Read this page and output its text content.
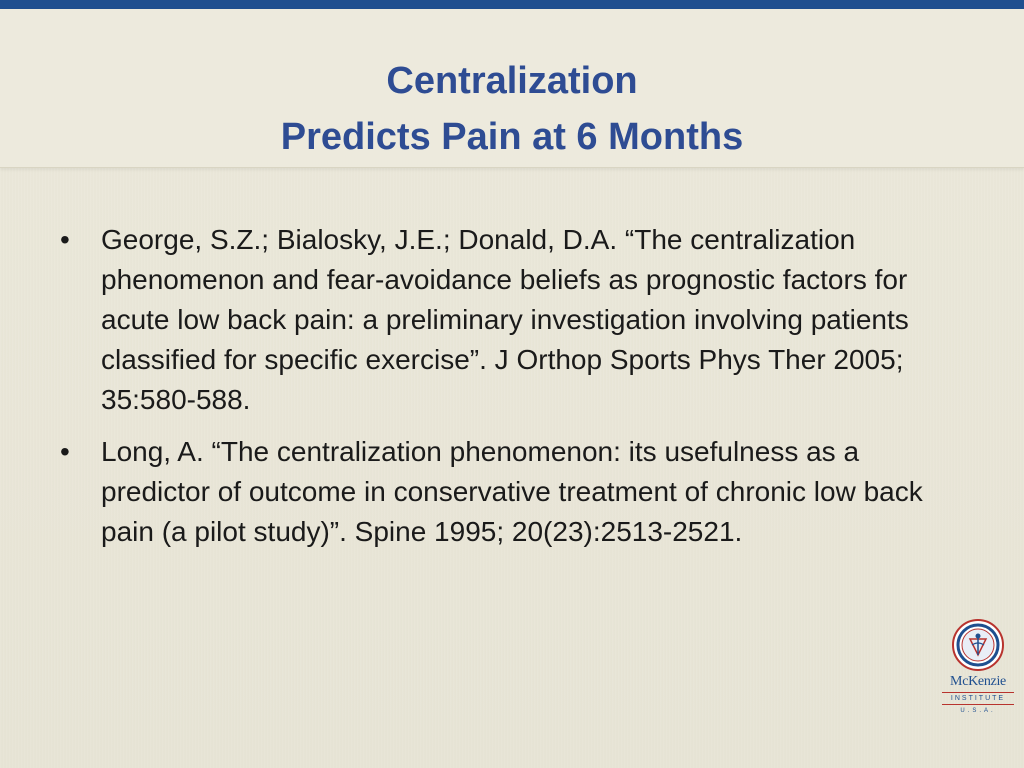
Centralization
Predicts Pain at 6 Months
• George, S.Z.; Bialosky, J.E.; Donald, D.A. “The centralization phenomenon and fear-avoidance beliefs as prognostic factors for acute low back pain: a preliminary investigation involving patients classified for specific exercise”. J Orthop Sports Phys Ther 2005; 35:580-588.
• Long, A. “The centralization phenomenon: its usefulness as a predictor of outcome in conservative treatment of chronic low back pain (a pilot study)”. Spine 1995; 20(23):2513-2521.
McKenzie
INSTITUTE
U.S.A.
